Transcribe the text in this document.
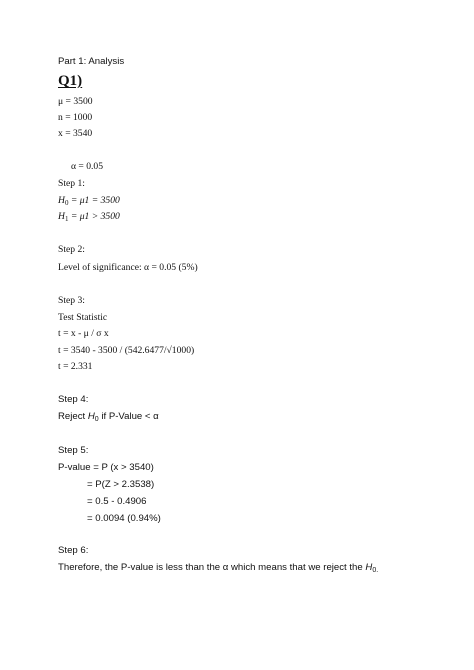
Part 1: Analysis
Q1)
μ = 3500
n = 1000
x = 3540
α = 0.05
Step 1:
$H_0 = \mu 1 = 3500$
$H_1 = \mu 1 > 3500$
Step 2:
Level of significance: α = 0.05 (5%)
Step 3:
Test Statistic
t = x - μ / σ x
t = 3540 - 3500 / (542.6477/√1000)
t = 2.331
Step 4:
Reject $H_0$ if P-Value < α
Step 5:
P-value = P (x > 3540)
= P(Z > 2.3538)
= 0.5 - 0.4906
= 0.0094 (0.94%)
Step 6:
Therefore, the P-value is less than the α which means that we reject the $H_{0.}$
